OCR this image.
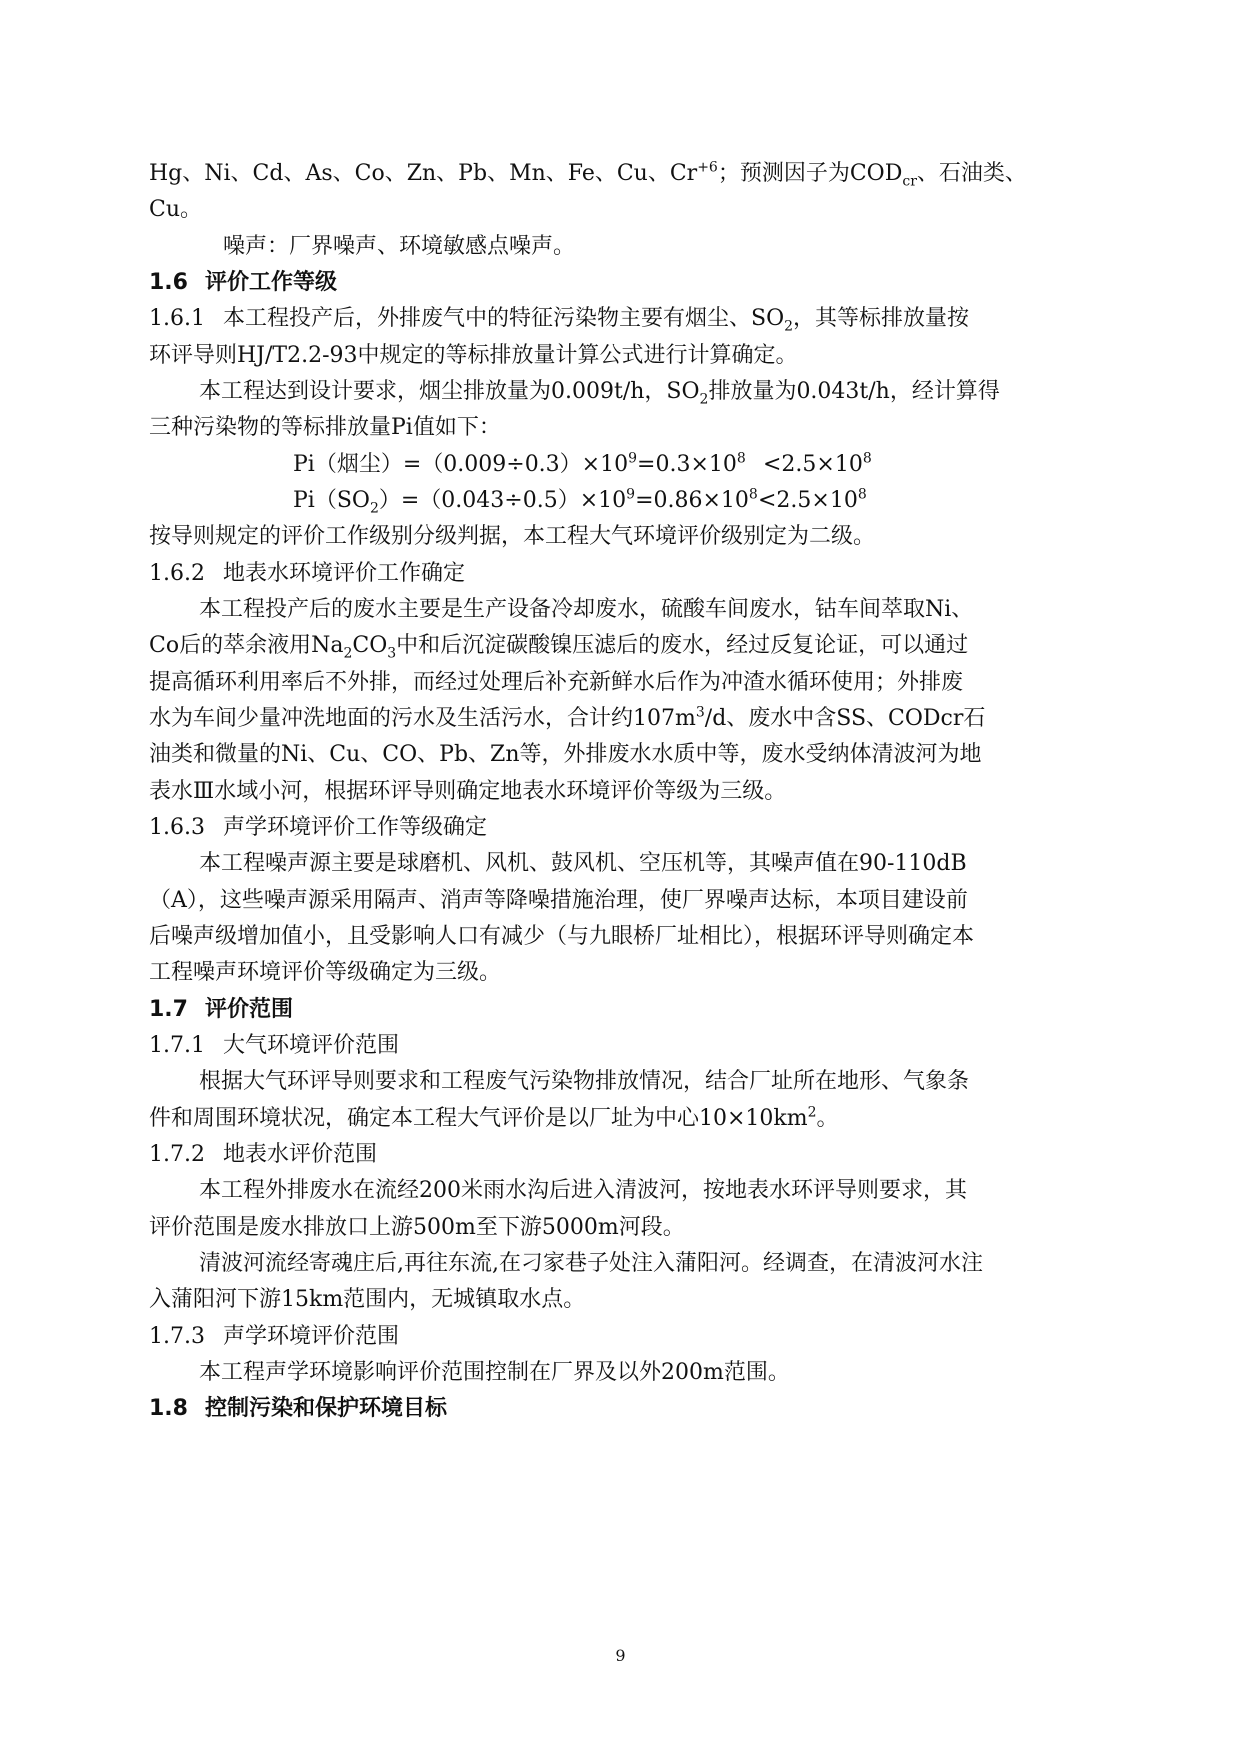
Hg、Ni、Cd、As、Co、Zn、Pb、Mn、Fe、Cu、$Cr^{+6}$；预测因子为$COD_{cr}$、石油类、
Cu。
噪声：厂界噪声、环境敏感点噪声。
1.6 评价工作等级
1.6.1 本工程投产后，外排废气中的特征污染物主要有烟尘、$SO_2$，其等标排放量按
环评导则HJ/T2.2-93中规定的等标排放量计算公式进行计算确定。
本工程达到设计要求，烟尘排放量为0.009t/h，$SO_2$排放量为0.043t/h，经计算得
三种污染物的等标排放量Pi值如下：
Pi（烟尘）$=(0.009\div 0.3)\times 10^9=0.3\times 10^8 <2.5\times 10^8$
$Pi(SO_2)=(0.043\div 0.5)\times 10^9=0.86\times 10^8 <2.5\times 10^8$
按导则规定的评价工作级别分级判据，本工程大气环境评价级别定为二级。
1.6.2 地表水环境评价工作确定
本工程投产后的废水主要是生产设备冷却废水，硫酸车间废水，钴车间萃取Ni、
Co后的萃余液用$Na_2CO_3$中和后沉淀碳酸镍压滤后的废水，经过反复论证，可以通过
提高循环利用率后不外排，而经过处理后补充新鲜水后作为冲渣水循环使用；外排废
水为车间少量冲洗地面的污水及生活污水，合计约$107m^3/d$、废水中含SS、CODcr石
油类和微量的Ni、Cu、CO、Pb、Zn等，外排废水水质中等，废水受纳体清波河为地
表水Ⅲ水域小河，根据环评导则确定地表水环境评价等级为三级。
1.6.3 声学环境评价工作等级确定
本工程噪声源主要是球磨机、风机、鼓风机、空压机等，其噪声值在90-110dB
（A），这些噪声源采用隔声、消声等降噪措施治理，使厂界噪声达标，本项目建设前
后噪声级增加值小，且受影响人口有减少（与九眼桥厂址相比），根据环评导则确定本
工程噪声环境评价等级确定为三级。
1.7 评价范围
1.7.1 大气环境评价范围
根据大气环评导则要求和工程废气污染物排放情况，结合厂址所在地形、气象条
件和周围环境状况，确定本工程大气评价是以厂址为中心$10\times 10km^2$。
1.7.2 地表水评价范围
本工程外排废水在流经200米雨水沟后进入清波河，按地表水环评导则要求，其
评价范围是废水排放口上游500m至下游5000m河段。
清波河流经寄魂庄后,再往东流,在刁家巷子处注入蒲阳河。经调查，在清波河水注
入蒲阳河下游15km范围内，无城镇取水点。
1.7.3 声学环境评价范围
本工程声学环境影响评价范围控制在厂界及以外200m范围。
1.8 控制污染和保护环境目标
9
